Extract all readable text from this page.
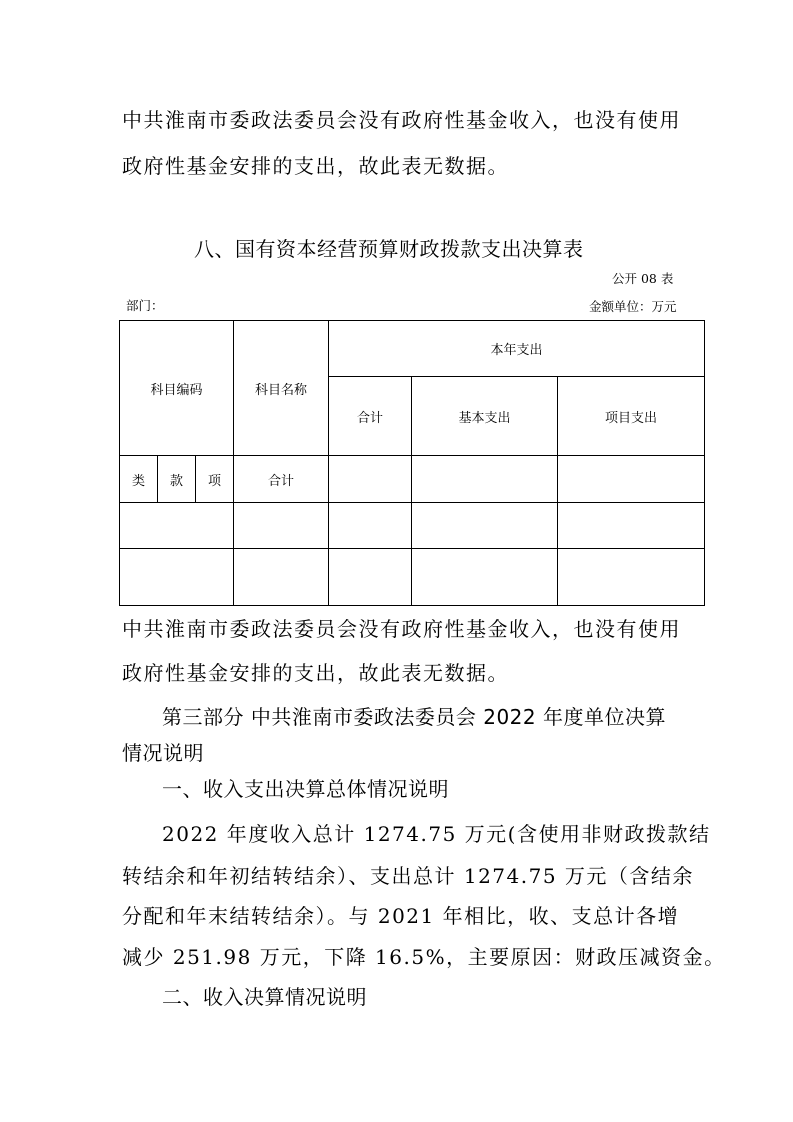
中共淮南市委政法委员会没有政府性基金收入，也没有使用
政府性基金安排的支出，故此表无数据。
八、国有资本经营预算财政拨款支出决算表
公开 08 表
部门：	金额单位：万元
科目编码			科目名称	本年支出		
				合计	基本支出	项目支出
类	款	项	合计			

中共淮南市委政法委员会没有政府性基金收入，也没有使用
政府性基金安排的支出，故此表无数据。
第三部分 中共淮南市委政法委员会 2022 年度单位决算
情况说明
一、收入支出决算总体情况说明
2022 年度收入总计 1274.75 万元(含使用非财政拨款结
转结余和年初结转结余）、支出总计 1274.75 万元（含结余
分配和年末结转结余）。与 2021 年相比，收、支总计各增
减少 251.98 万元，下降 16.5%，主要原因：财政压减资金。
二、收入决算情况说明
